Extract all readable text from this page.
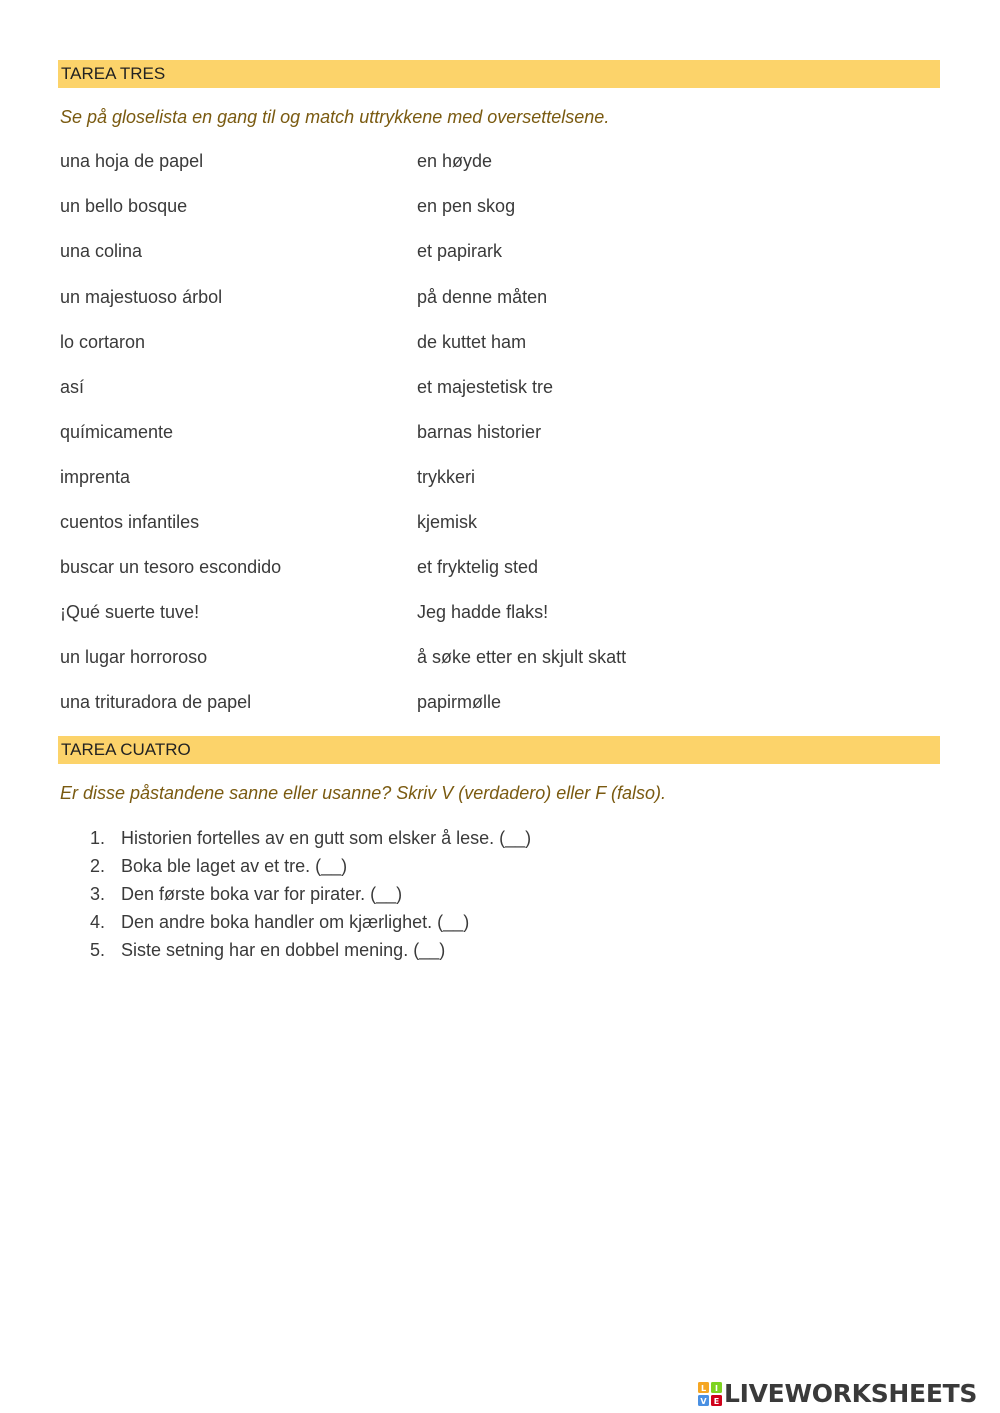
TAREA TRES
Se på gloselista en gang til og match uttrykkene med oversettelsene.
una hoja de papel	en høyde
un bello bosque	en pen skog
una colina	et papirark
un majestuoso árbol	på denne måten
lo cortaron	de kuttet ham
así	et majestetisk tre
químicamente	barnas historier
imprenta	trykkeri
cuentos infantiles	kjemisk
buscar un tesoro escondido	et fryktelig sted
¡Qué suerte tuve!	Jeg hadde flaks!
un lugar horroroso	å søke etter en skjult skatt
una trituradora de papel	papirmølle
TAREA CUATRO
Er disse påstandene sanne eller usanne? Skriv V (verdadero) eller F (falso).
1. Historien fortelles av en gutt som elsker å lese. (__)
2. Boka ble laget av et tre. (__)
3. Den første boka var for pirater. (__)
4. Den andre boka handler om kjærlighet. (__)
5. Siste setning har en dobbel mening. (__)
L I
V E LIVEWORKSHEETS
